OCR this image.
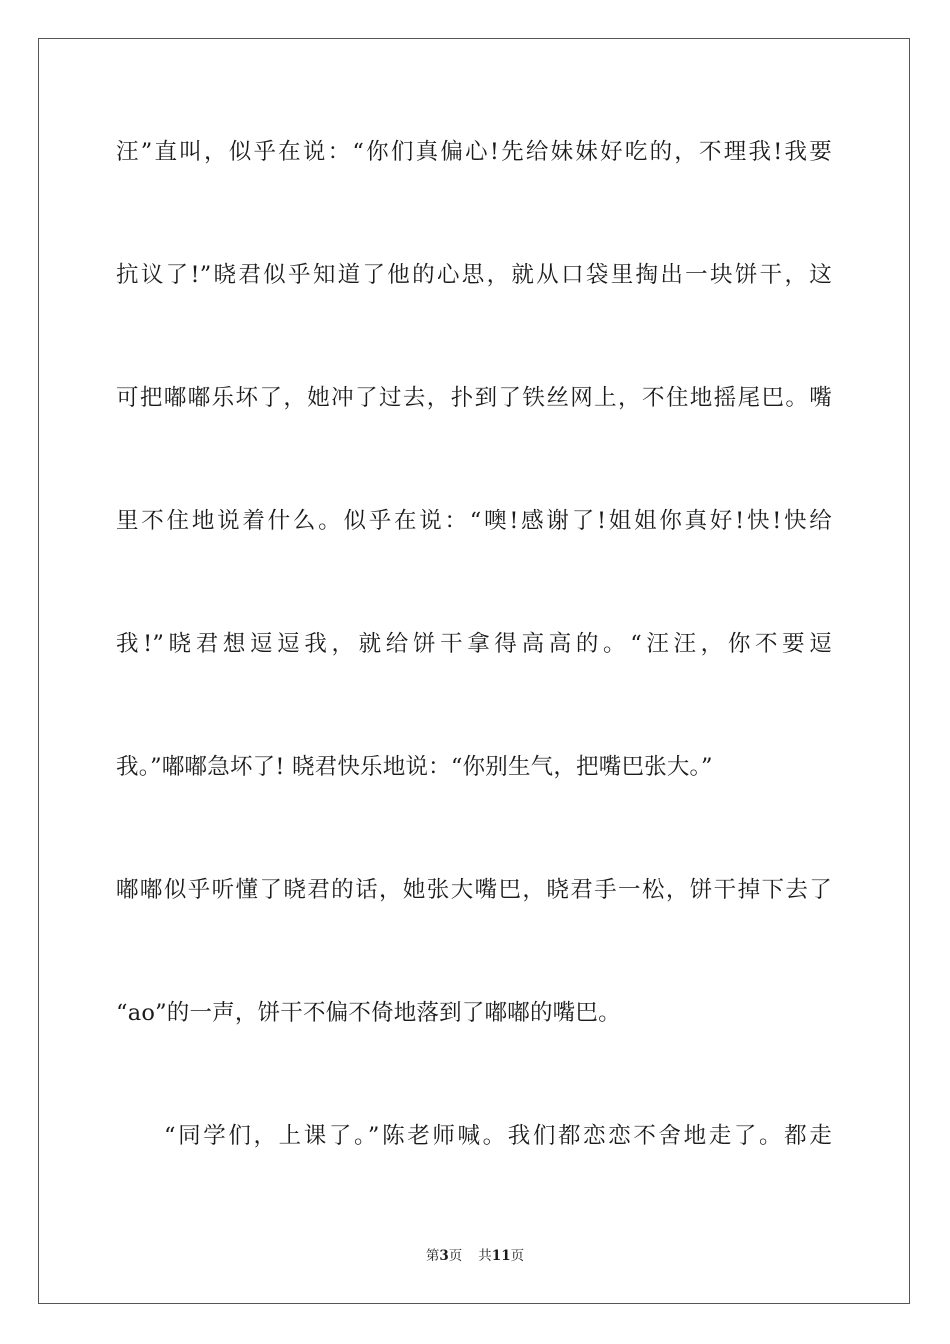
汪”直叫，似乎在说：“你们真偏心!先给妹妹好吃的，不理我!我要
抗议了!”晓君似乎知道了他的心思，就从口袋里掏出一块饼干，这
可把嘟嘟乐坏了，她冲了过去，扑到了铁丝网上，不住地摇尾巴。嘴
里不住地说着什么。似乎在说：“噢!感谢了!姐姐你真好!快!快给
我!”晓君想逗逗我，就给饼干拿得高高的。“汪汪，你不要逗
我。”嘟嘟急坏了! 晓君快乐地说：“你别生气，把嘴巴张大。”
嘟嘟似乎听懂了晓君的话，她张大嘴巴，晓君手一松，饼干掉下去了
“ao”的一声，饼干不偏不倚地落到了嘟嘟的嘴巴。
“同学们，上课了。”陈老师喊。我们都恋恋不舍地走了。都走
第3页 共11页
